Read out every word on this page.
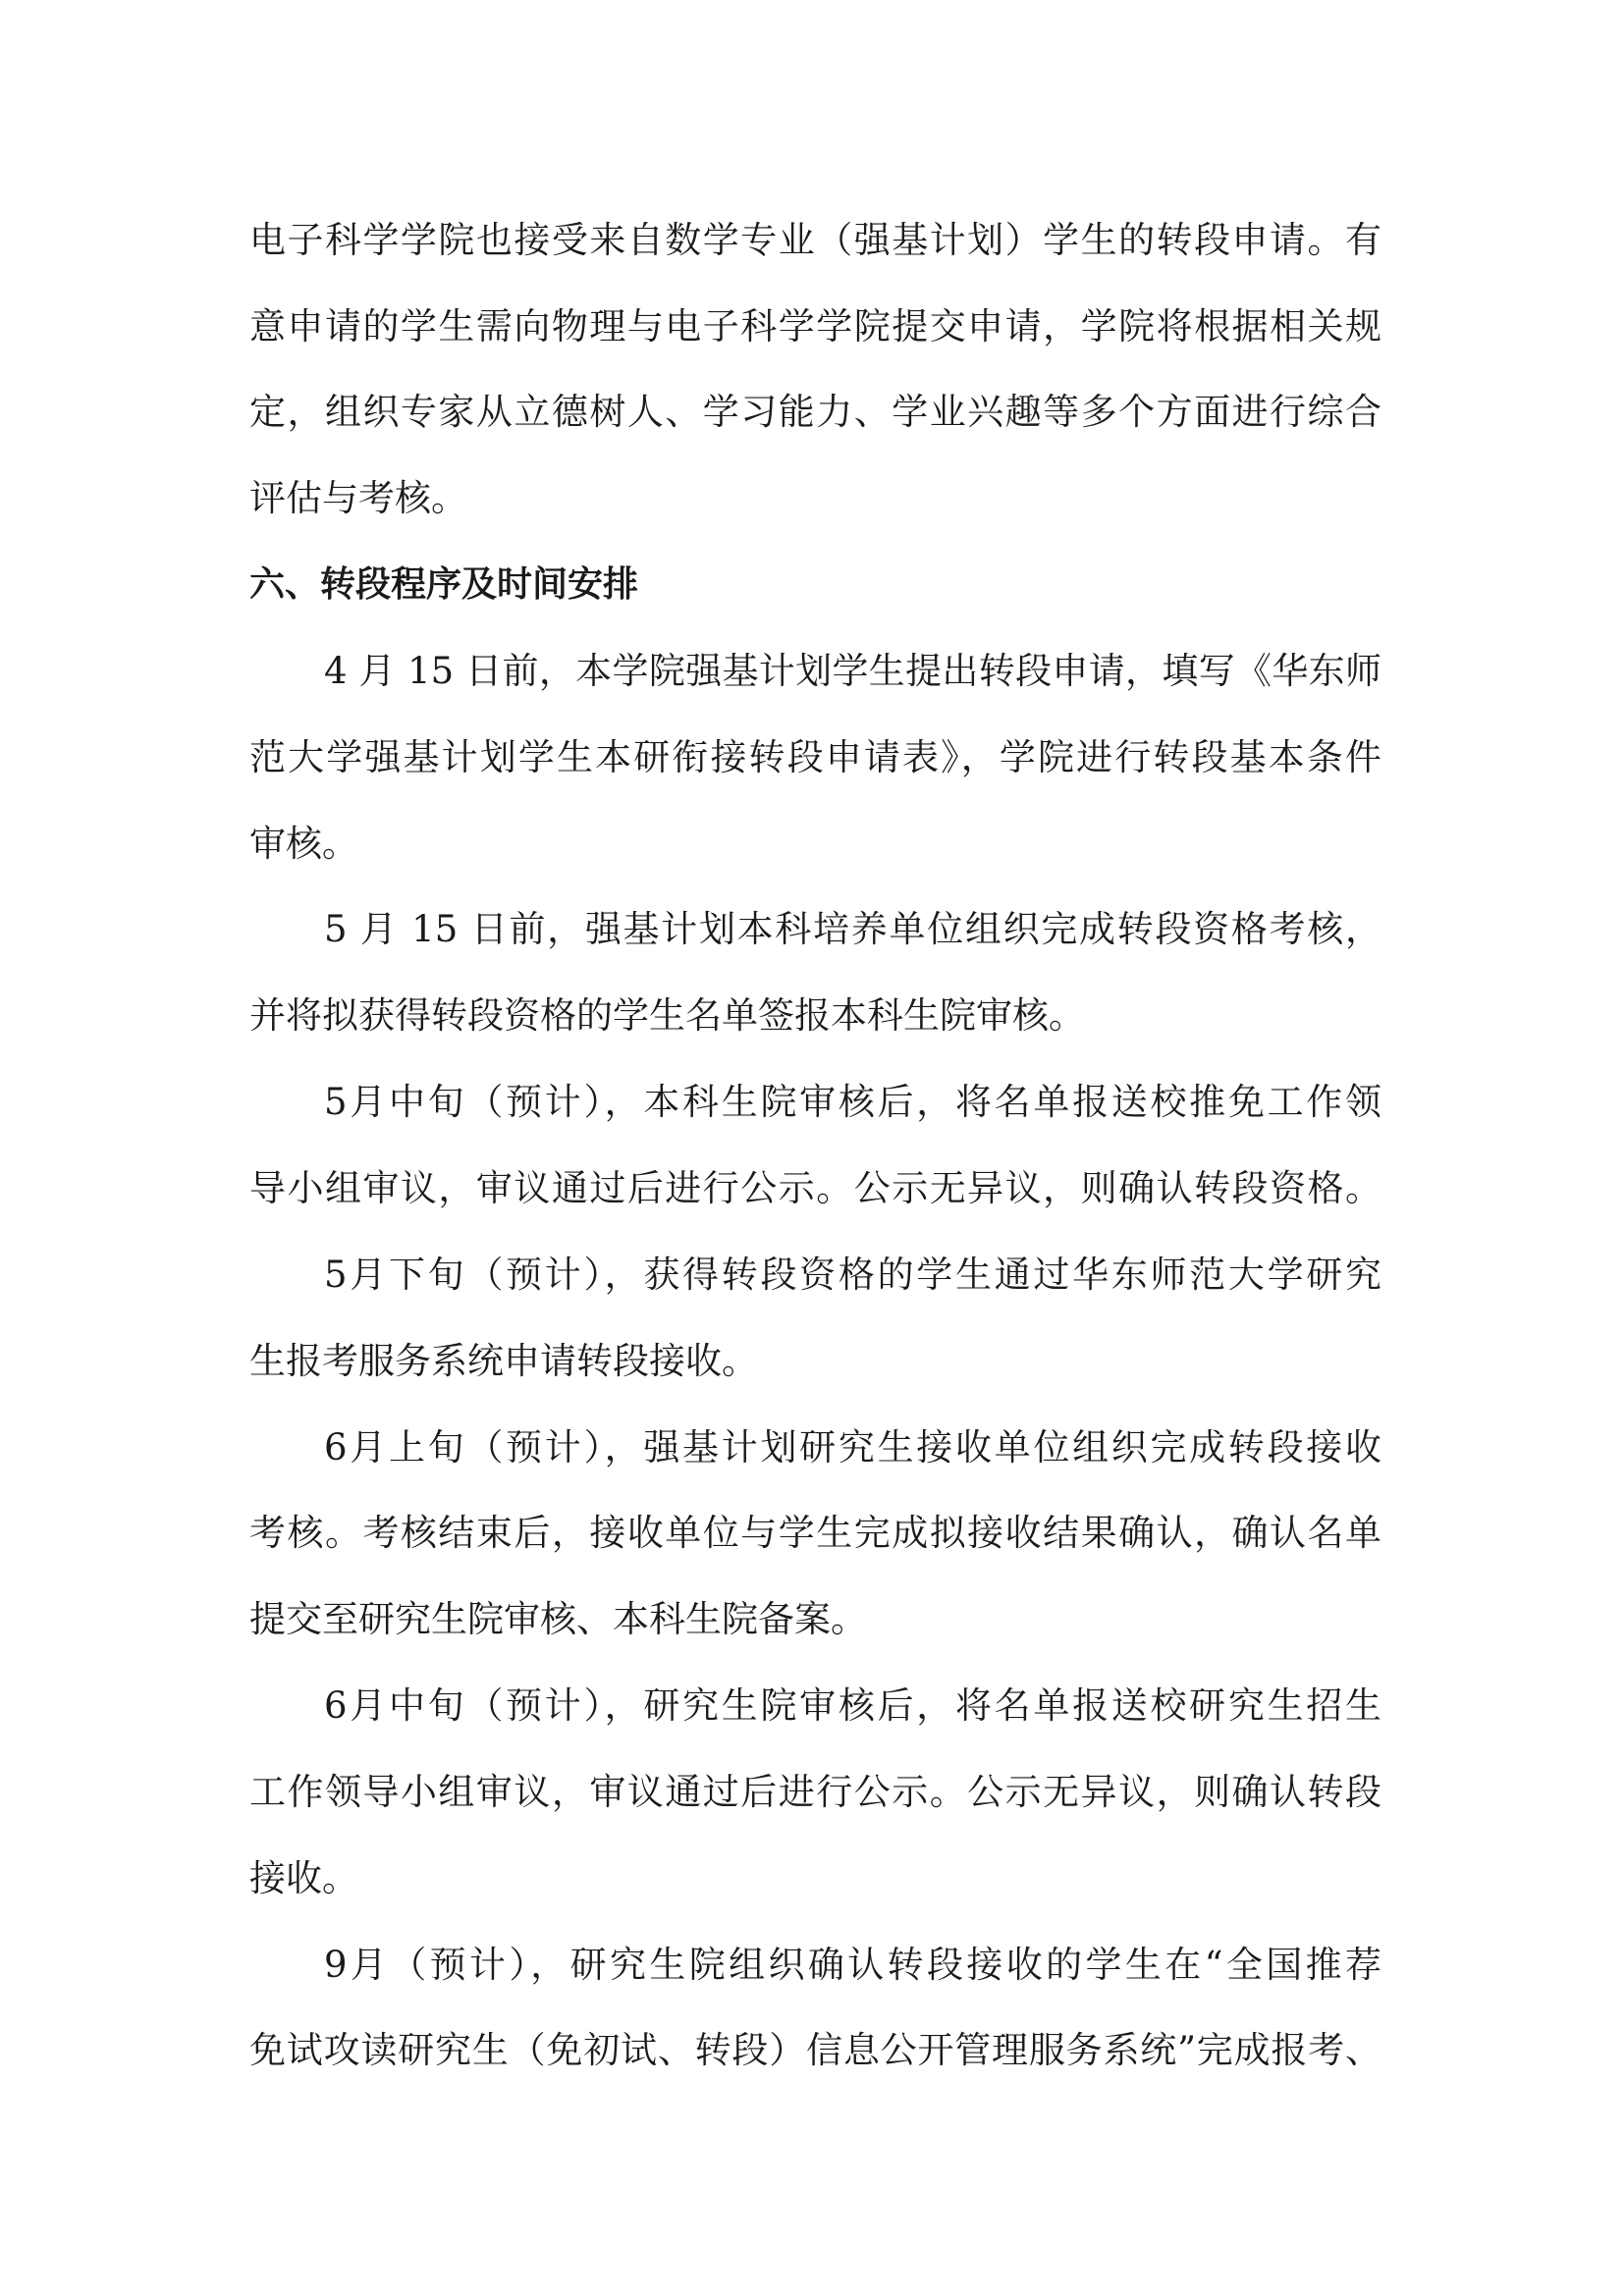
电子科学学院也接受来自数学专业（强基计划）学生的转段申请。有
意申请的学生需向物理与电子科学学院提交申请，学院将根据相关规
定，组织专家从立德树人、学习能力、学业兴趣等多个方面进行综合
评估与考核。
六、转段程序及时间安排
4 月 15 日前，本学院强基计划学生提出转段申请，填写《华东师
范大学强基计划学生本研衔接转段申请表》，学院进行转段基本条件
审核。
5 月 15 日前，强基计划本科培养单位组织完成转段资格考核，
并将拟获得转段资格的学生名单签报本科生院审核。
5月中旬（预计），本科生院审核后，将名单报送校推免工作领
导小组审议，审议通过后进行公示。公示无异议，则确认转段资格。
5月下旬（预计），获得转段资格的学生通过华东师范大学研究
生报考服务系统申请转段接收。
6月上旬（预计），强基计划研究生接收单位组织完成转段接收
考核。考核结束后，接收单位与学生完成拟接收结果确认，确认名单
提交至研究生院审核、本科生院备案。
6月中旬（预计），研究生院审核后，将名单报送校研究生招生
工作领导小组审议，审议通过后进行公示。公示无异议，则确认转段
接收。
9月（预计），研究生院组织确认转段接收的学生在“全国推荐
免试攻读研究生（免初试、转段）信息公开管理服务系统”完成报考、
